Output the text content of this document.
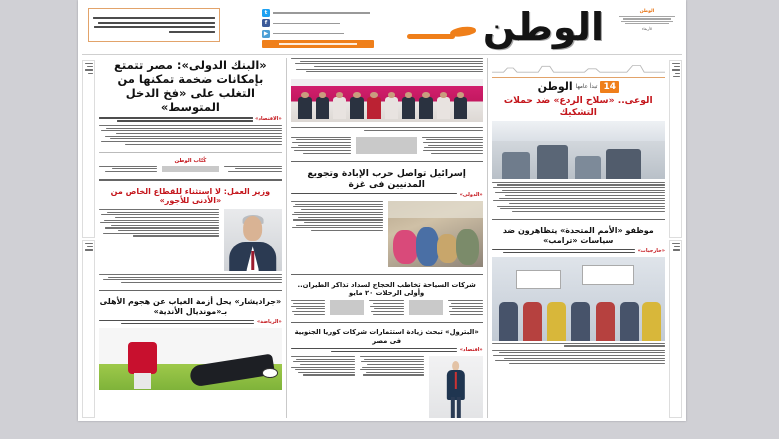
t
f
▶	الوطن	الوطن
الأربعاء
14
تبدأ عامها
الوطن
الوعى.. «سلاح الردع» ضد حملات التشكيك
موظفو «الأمم المتحدة» يتظاهرون ضد سياسات «ترامب»
«خارجيات»
إسرائيل تواصل حرب الإبادة وتجويع المدنيين فى غزة
«الدولى»
شركات السياحة تخاطب الحجاج لسداد تذاكر الطيران.. وأولى الرحلات ٢٠ مايو
«البترول» تبحث زيادة استثمارات شركات كوريا الجنوبية فى مصر
«اقتصاد»
«البنك الدولى»: مصر تتمتع بإمكانات ضخمة تمكنها من التغلب على «فخ الدخل المتوسط»
«الاقتصاد»
كُتّاب الوطن
وزير العمل: لا استثناء للقطاع الخاص من «الأدنى للأجور»
«جراديشار» يحل أزمة الغياب عن هجوم الأهلى بـ«مونديال الأندية»
«الرياضة»
